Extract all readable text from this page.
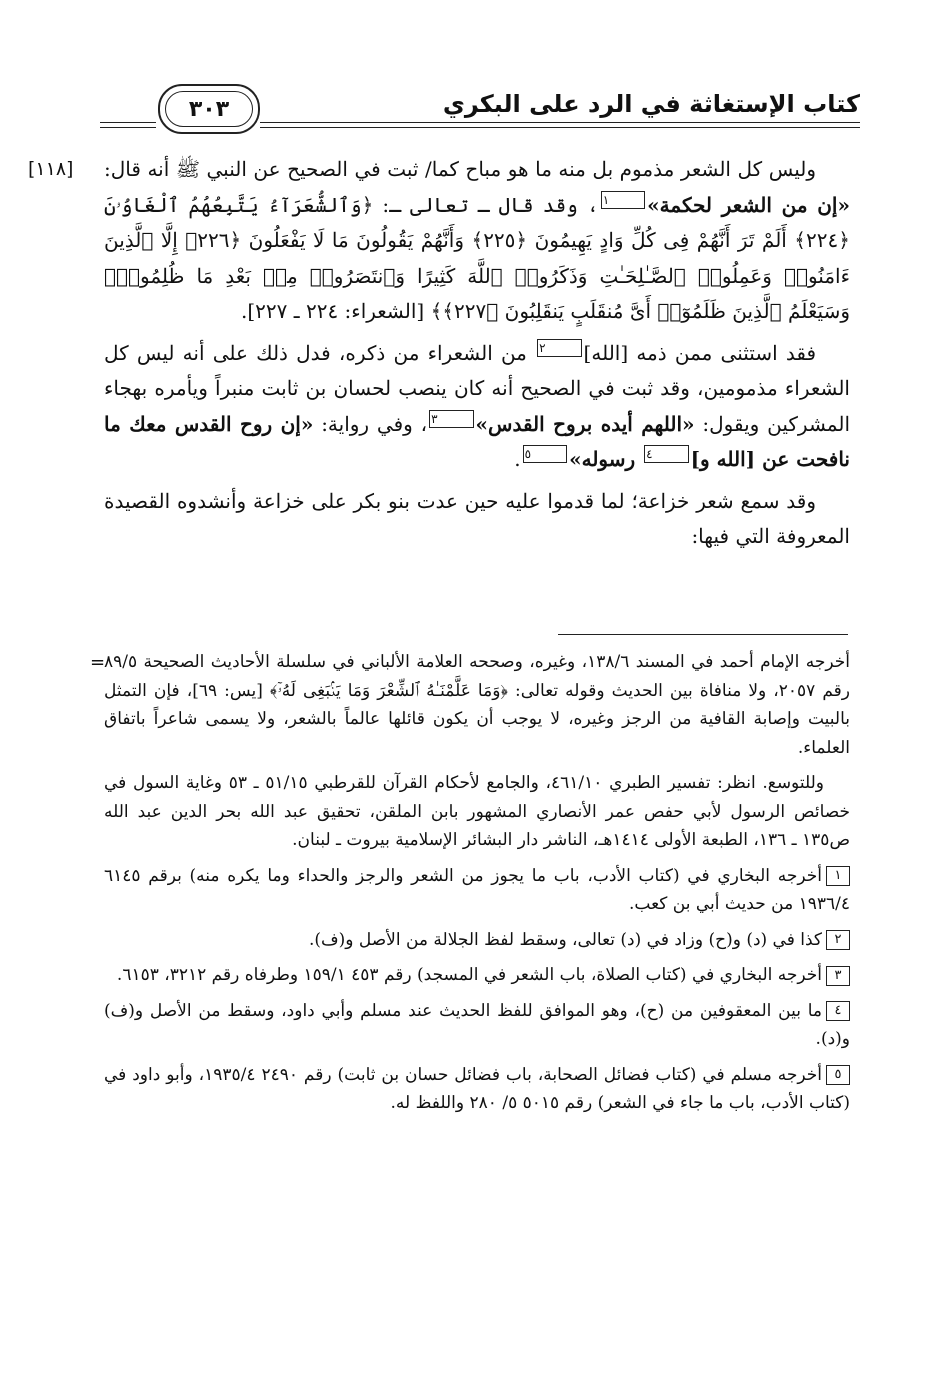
كتاب الإستغاثة في الرد على البكري
٣٠٣
[١١٨] وليس كل الشعر مذموم بل منه ما هو مباح كما/ ثبت في الصحيح عن النبي ﷺ أنه قال: «إن من الشعر لحكمة»١، وقد قال ـ تعالى ـ: ﴿وَٱلشُّعَرَآءُ يَتَّبِعُهُمُ ٱلْغَاوُۥنَ ﴿٢٢٤﴾ أَلَمْ تَرَ أَنَّهُمْ فِى كُلِّ وَادٍ يَهِيمُونَ ﴿٢٢٥﴾ وَأَنَّهُمْ يَقُولُونَ مَا لَا يَفْعَلُونَ ﴿٢٢٦﴾ إِلَّا ٱلَّذِينَ ءَامَنُوا۟ وَعَمِلُوا۟ ٱلصَّـٰلِحَـٰتِ وَذَكَرُوا۟ ٱللَّهَ كَثِيرًا وَٱنتَصَرُوا۟ مِنۢ بَعْدِ مَا ظُلِمُوا۟ۗ وَسَيَعْلَمُ ٱلَّذِينَ ظَلَمُوٓا۟ أَىَّ مُنقَلَبٍ يَنقَلِبُونَ ﴿٢٢٧﴾﴾ [الشعراء: ٢٢٤ ـ ٢٢٧].

فقد استثنى ممن ذمه [الله]٢ من الشعراء من ذكره، فدل ذلك على أنه ليس كل الشعراء مذمومين، وقد ثبت في الصحيح أنه كان ينصب لحسان بن ثابت منبراً ويأمره بهجاء المشركين ويقول: «اللهم أيده بروح القدس»٣، وفي رواية: «إن روح القدس معك ما نافحت عن [الله و]٤ رسوله»٥.

وقد سمع شعر خزاعة؛ لما قدموا عليه حين عدت بنو بكر على خزاعة وأنشدوه القصيدة المعروفة التي فيها:

=

أخرجه الإمام أحمد في المسند ١٣٨/٦، وغيره، وصححه العلامة الألباني في سلسلة الأحاديث الصحيحة ٨٩/٥ رقم ٢٠٥٧، ولا منافاة بين الحديث وقوله تعالى: ﴿وَمَا عَلَّمْنَـٰهُ ٱلشِّعْرَ وَمَا يَنۢبَغِى لَهُۥٓ﴾ [يس: ٦٩]، فإن التمثل بالبيت وإصابة القافية من الرجز وغيره، لا يوجب أن يكون قائلها عالماً بالشعر، ولا يسمى شاعراً باتفاق العلماء.

وللتوسع. انظر: تفسير الطبري ٤٦١/١٠، والجامع لأحكام القرآن للقرطبي ٥١/١٥ ـ ٥٣ وغاية السول في خصائص الرسول لأبي حفص عمر الأنصاري المشهور بابن الملقن، تحقيق عبد الله بحر الدين عبد الله ص١٣٥ ـ ١٣٦، الطبعة الأولى ١٤١٤هـ، الناشر دار البشائر الإسلامية بيروت ـ لبنان.

١أخرجه البخاري في (كتاب الأدب، باب ما يجوز من الشعر والرجز والحداء وما يكره منه) برقم ٦١٤٥ ١٩٣٦/٤ من حديث أبي بن كعب.

٢كذا في (د) و(ح) وزاد في (د) تعالى، وسقط لفظ الجلالة من الأصل و(ف).

٣أخرجه البخاري في (كتاب الصلاة، باب الشعر في المسجد) رقم ٤٥٣ ١٥٩/١ وطرفاه رقم ٣٢١٢، ٦١٥٣.

٤ما بين المعقوفين من (ح)، وهو الموافق للفظ الحديث عند مسلم وأبي داود، وسقط من الأصل و(ف) و(د).

٥أخرجه مسلم في (كتاب فضائل الصحابة، باب فضائل حسان بن ثابت) رقم ٢٤٩٠ ١٩٣٥/٤، وأبو داود في (كتاب الأدب، باب ما جاء في الشعر) رقم ٥٠١٥ ٥/ ٢٨٠ واللفظ له.
